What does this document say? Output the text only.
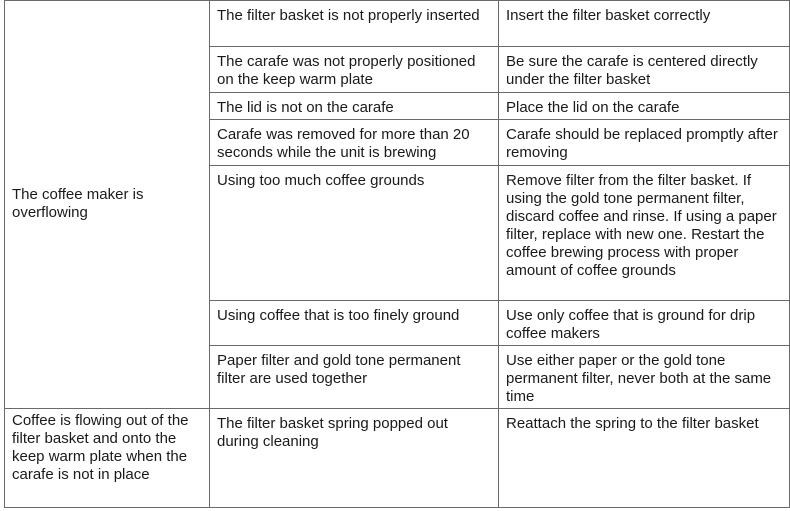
The coffee maker is overflowing	The filter basket is not properly inserted	Insert the filter basket correctly
	The carafe was not properly positioned on the keep warm plate	Be sure the carafe is centered directly under the filter basket
	The lid is not on the carafe	Place the lid on the carafe
	Carafe was removed for more than 20 seconds while the unit is brewing	Carafe should be replaced promptly after removing
	Using too much coffee grounds	Remove filter from the filter basket. If using the gold tone permanent filter, discard coffee and rinse. If using a paper filter, replace with new one. Restart the coffee brewing process with proper amount of coffee grounds
	Using coffee that is too finely ground	Use only coffee that is ground for drip coffee makers
	Paper filter and gold tone permanent filter are used together	Use either paper or the gold tone permanent filter, never both at the same time
Coffee is flowing out of the filter basket and onto the keep warm plate when the carafe is not in place	The filter basket spring popped out during cleaning	Reattach the spring to the filter basket
